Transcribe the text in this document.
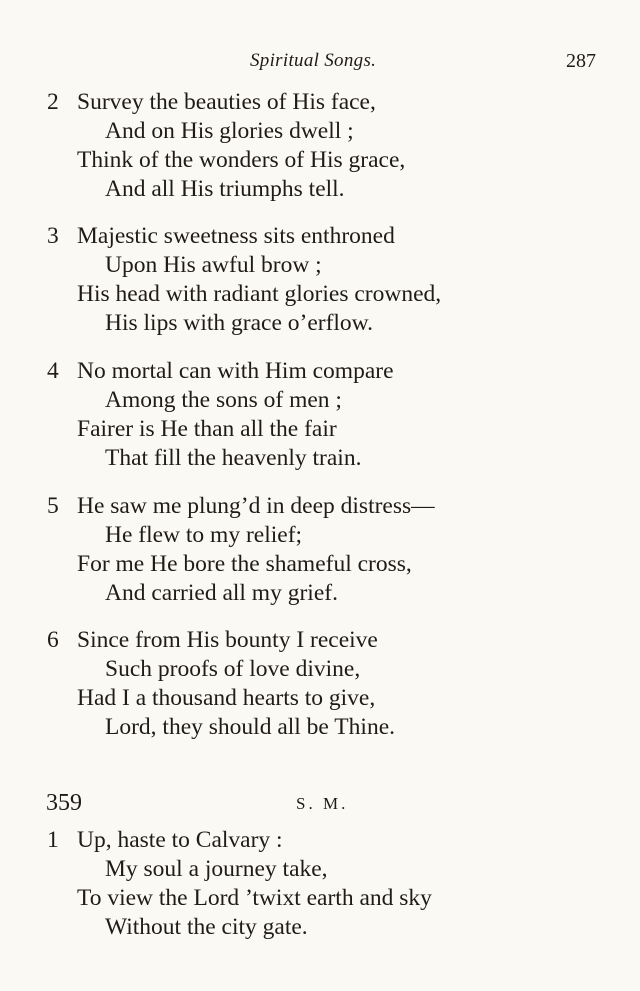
Spiritual Songs.	287
2 Survey the beauties of His face,
And on His glories dwell ;
Think of the wonders of His grace,
And all His triumphs tell.
3 Majestic sweetness sits enthroned
Upon His awful brow ;
His head with radiant glories crowned,
His lips with grace o’erflow.
4 No mortal can with Him compare
Among the sons of men ;
Fairer is He than all the fair
That fill the heavenly train.
5 He saw me plung’d in deep distress—
He flew to my relief;
For me He bore the shameful cross,
And carried all my grief.
6 Since from His bounty I receive
Such proofs of love divine,
Had I a thousand hearts to give,
Lord, they should all be Thine.
359	S. M.
1 Up, haste to Calvary :
My soul a journey take,
To view the Lord ’twixt earth and sky
Without the city gate.
